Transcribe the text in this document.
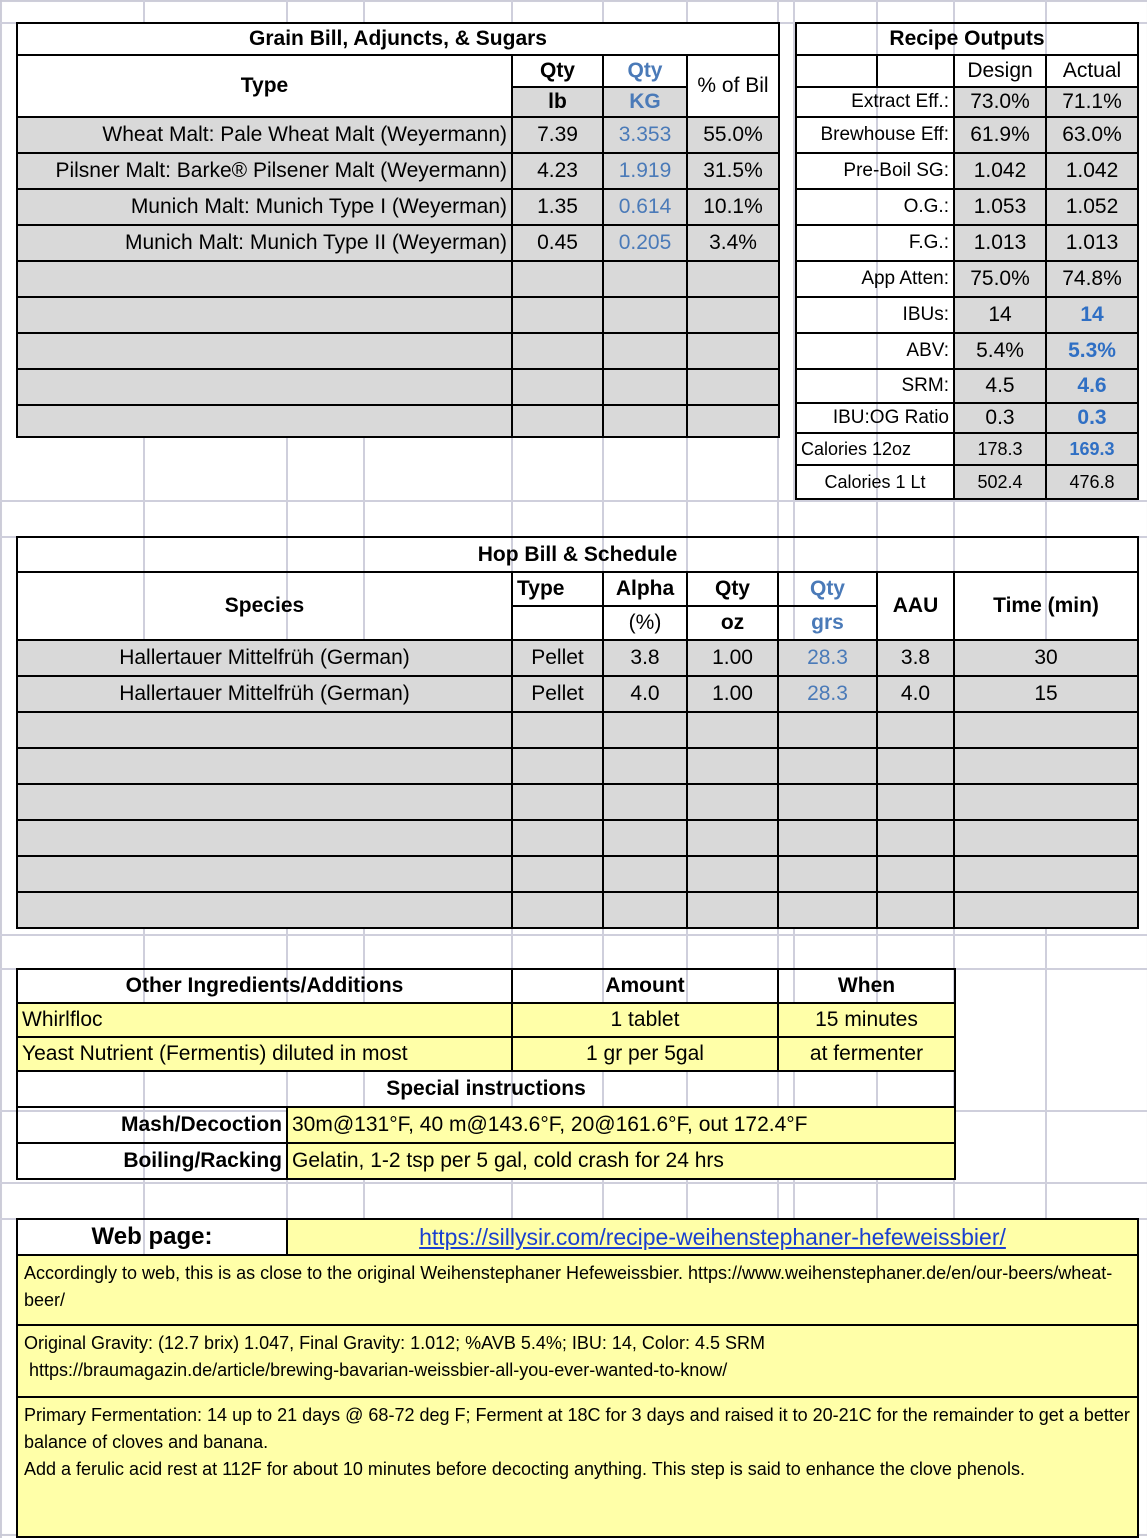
Grain Bill, Adjuncts, & Sugars			
Type	Qty	Qty	% of Bil
	lb	KG	
Wheat Malt: Pale Wheat Malt (Weyermann)	7.39	3.353	55.0%
Pilsner Malt: Barke® Pilsener Malt (Weyermann)	4.23	1.919	31.5%
Munich Malt: Munich Type I (Weyerman)	1.35	0.614	10.1%
Munich Malt: Munich Type II (Weyerman)	0.45	0.205	3.4%

Recipe Outputs			
		Design	Actual
Extract Eff.:		73.0%	71.1%
Brewhouse Eff:		61.9%	63.0%
Pre-Boil SG:		1.042	1.042
O.G.:		1.053	1.052
F.G.:		1.013	1.013
App Atten:		75.0%	74.8%
IBUs:		14	14
ABV:		5.4%	5.3%
SRM:		4.5	4.6
IBU:OG Ratio		0.3	0.3
Calories 12oz		178.3	169.3
Calories 1 Lt		502.4	476.8
Hop Bill & Schedule						
Species	Type	Alpha	Qty	Qty	AAU	Time (min)
		(%)	oz	grs		
Hallertauer Mittelfrüh (German)	Pellet	3.8	1.00	28.3	3.8	30
Hallertauer Mittelfrüh (German)	Pellet	4.0	1.00	28.3	4.0	15

Other Ingredients/Additions		Amount	When
Whirlfloc		1 tablet	15 minutes
Yeast Nutrient (Fermentis) diluted in most		1 gr per 5gal	at fermenter
Special instructions			
Mash/Decoction	30m@131°F, 40 m@143.6°F, 20@161.6°F, out 172.4°F		
Boiling/Racking	Gelatin, 1-2 tsp per 5 gal, cold crash for 24 hrs		
Web page:	https://sillysir.com/recipe-weihenstephaner-hefeweissbier/
Accordingly to web, this is as close to the original Weihenstephaner Hefeweissbier. https://www.weihenstephaner.de/en/our-beers/wheat-beer/

Original Gravity: (12.7 brix) 1.047, Final Gravity: 1.012; %AVB 5.4%; IBU: 14, Color: 4.5 SRM
https://braumagazin.de/article/brewing-bavarian-weissbier-all-you-ever-wanted-to-know/

Primary Fermentation: 14 up to 21 days @ 68-72 deg F; Ferment at 18C for 3 days and raised it to 20-21C for the remainder to get a better balance of cloves and banana.
Add a ferulic acid rest at 112F for about 10 minutes before decocting anything. This step is said to enhance the clove phenols.
